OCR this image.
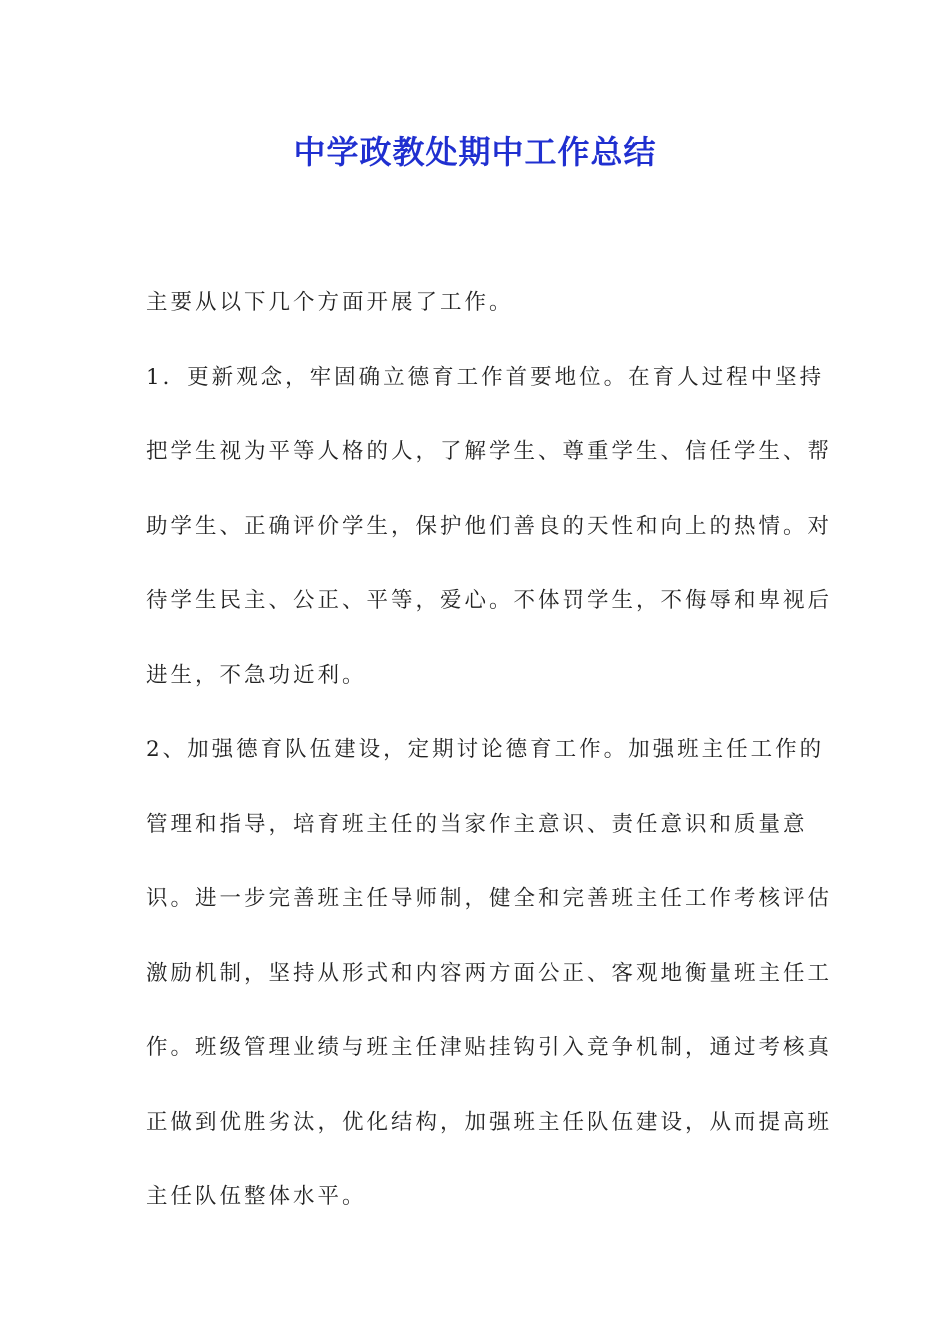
中学政教处期中工作总结

主要从以下几个方面开展了工作。

1．更新观念，牢固确立德育工作首要地位。在育人过程中坚持把学生视为平等人格的人，了解学生、尊重学生、信任学生、帮助学生、正确评价学生，保护他们善良的天性和向上的热情。对待学生民主、公正、平等，爱心。不体罚学生，不侮辱和卑视后进生，不急功近利。

2、加强德育队伍建设，定期讨论德育工作。加强班主任工作的管理和指导，培育班主任的当家作主意识、责任意识和质量意识。进一步完善班主任导师制，健全和完善班主任工作考核评估激励机制，坚持从形式和内容两方面公正、客观地衡量班主任工作。班级管理业绩与班主任津贴挂钩引入竞争机制，通过考核真正做到优胜劣汰，优化结构，加强班主任队伍建设，从而提高班主任队伍整体水平。
